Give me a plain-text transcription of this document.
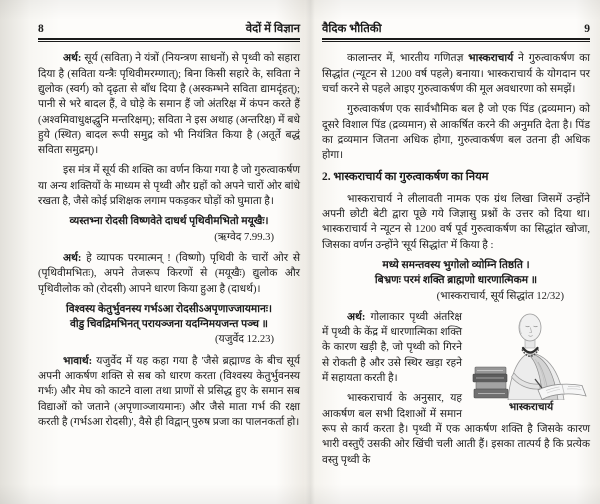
8	वेदों में विज्ञान

अर्थ: सूर्य (सविता) ने यंत्रों (नियन्त्रण साधनों) से पृथ्वी को सहारा दिया है (सविता यन्त्रैः पृथिवीमरम्णात्); बिना किसी सहारे के, सविता ने द्युलोक (स्वर्ग) को दृढ़ता से बाँध दिया है (अस्कम्भने सविता द्यामदृंहत्); पानी से भरे बादल हैं, वे घोड़े के समान हैं जो अंतरिक्ष में कंपन करते हैं (अश्वमिवाधुक्षद्धुनि मन्तरिक्षम्); सविता ने इस अथाह (अन्तरिक्ष) में बधे हुये (स्थित) बादल रूपी समुद्र को भी नियंत्रित किया है (अतूर्ते बद्धं सविता समुद्रम्)।

इस मंत्र में सूर्य की शक्ति का वर्णन किया गया है जो गुरुत्वाकर्षण या अन्य शक्तियों के माध्यम से पृथ्वी और ग्रहों को अपने चारों ओर बांधे रखता है, जैसे कोई प्रशिक्षक लगाम पकड़कर घोड़ों को घुमाता है।

व्यस्तभ्ना रोदसी विष्णवेते दाधर्थ पृथिवीमभितो मयूखैः।

(ऋग्वेद 7.99.3)

अर्थ: हे व्यापक परमात्मन् ! (विष्णो) पृथिवी के चारों ओर से (पृथिवीमभितः), अपने तेजरूप किरणों से (मयूखैः) द्युलोक और पृथिवीलोक को (रोदसी) आपने धारण किया हुआ है (दाधर्थ)।

विश्वस्य केतुर्भुवनस्य गर्भऽआ रोदसीऽअपृणाज्जायमानः।
वीडु चिवद्रिमभिनत् परायञ्जना यदग्निमयजन्त पञ्च ॥

(यजुर्वेद 12.23)

भावार्थ: यजुर्वेद में यह कहा गया है 'जैसे ब्रह्माण्ड के बीच सूर्य अपनी आकर्षण शक्ति से सब को धारण करता (विश्वस्य केतुर्भुवनस्य गर्भः) और मेघ को काटने वाला तथा प्राणों से प्रसिद्ध हुए के समान सब विद्याओं को जताने (अपृणाञ्जायमानः) और जैसे माता गर्भ की रक्षा करती है (गर्भऽआ रोदसी)', वैसे ही विद्वान् पुरुष प्रजा का पालनकर्ता हो।

वैदिक भौतिकी	9

कालान्तर में, भारतीय गणितज्ञ भास्कराचार्य ने गुरुत्वाकर्षण का सिद्धांत (न्यूटन से 1200 वर्ष पहले) बनाया। भास्कराचार्य के योगदान पर चर्चा करने से पहले आइए गुरुत्वाकर्षण की मूल अवधारणा को समझें।

गुरुत्वाकर्षण एक सार्वभौमिक बल है जो एक पिंड (द्रव्यमान) को दूसरे विशाल पिंड (द्रव्यमान) से आकर्षित करने की अनुमति देता है। पिंड का द्रव्यमान जितना अधिक होगा, गुरुत्वाकर्षण बल उतना ही अधिक होगा।

2. भास्कराचार्य का गुरुत्वाकर्षण का नियम

भास्कराचार्य ने लीलावती नामक एक ग्रंथ लिखा जिसमें उन्होंने अपनी छोटी बेटी द्वारा पूछे गये जिज्ञासु प्रश्नों के उत्तर को दिया था। भास्कराचार्य ने न्यूटन से 1200 वर्ष पूर्व गुरुत्वाकर्षण का सिद्धांत खोजा, जिसका वर्णन उन्होंने 'सूर्य सिद्धांत' में किया है :

मध्ये समन्तवस्य भुगोलो व्योम्नि तिष्ठति ।
बिभ्रणः परमं शक्ति ब्राह्मणो धारणात्मिकम ॥

(भास्कराचार्य, सूर्य सिद्धांत 12/32)

भास्कराचार्य

अर्थ: गोलाकार पृथ्वी अंतरिक्ष में पृथ्वी के केंद्र में धारणात्मिका शक्ति के कारण खड़ी है, जो पृथ्वी को गिरने से रोकती है और उसे स्थिर खड़ा रहने में सहायता करती है।

भास्कराचार्य के अनुसार, यह आकर्षण बल सभी दिशाओं में समान रूप से कार्य करता है। पृथ्वी में एक आकर्षण शक्ति है जिसके कारण भारी वस्तुएँ उसकी ओर खिंची चली आती हैं। इसका तात्पर्य है कि प्रत्येक वस्तु पृथ्वी के
